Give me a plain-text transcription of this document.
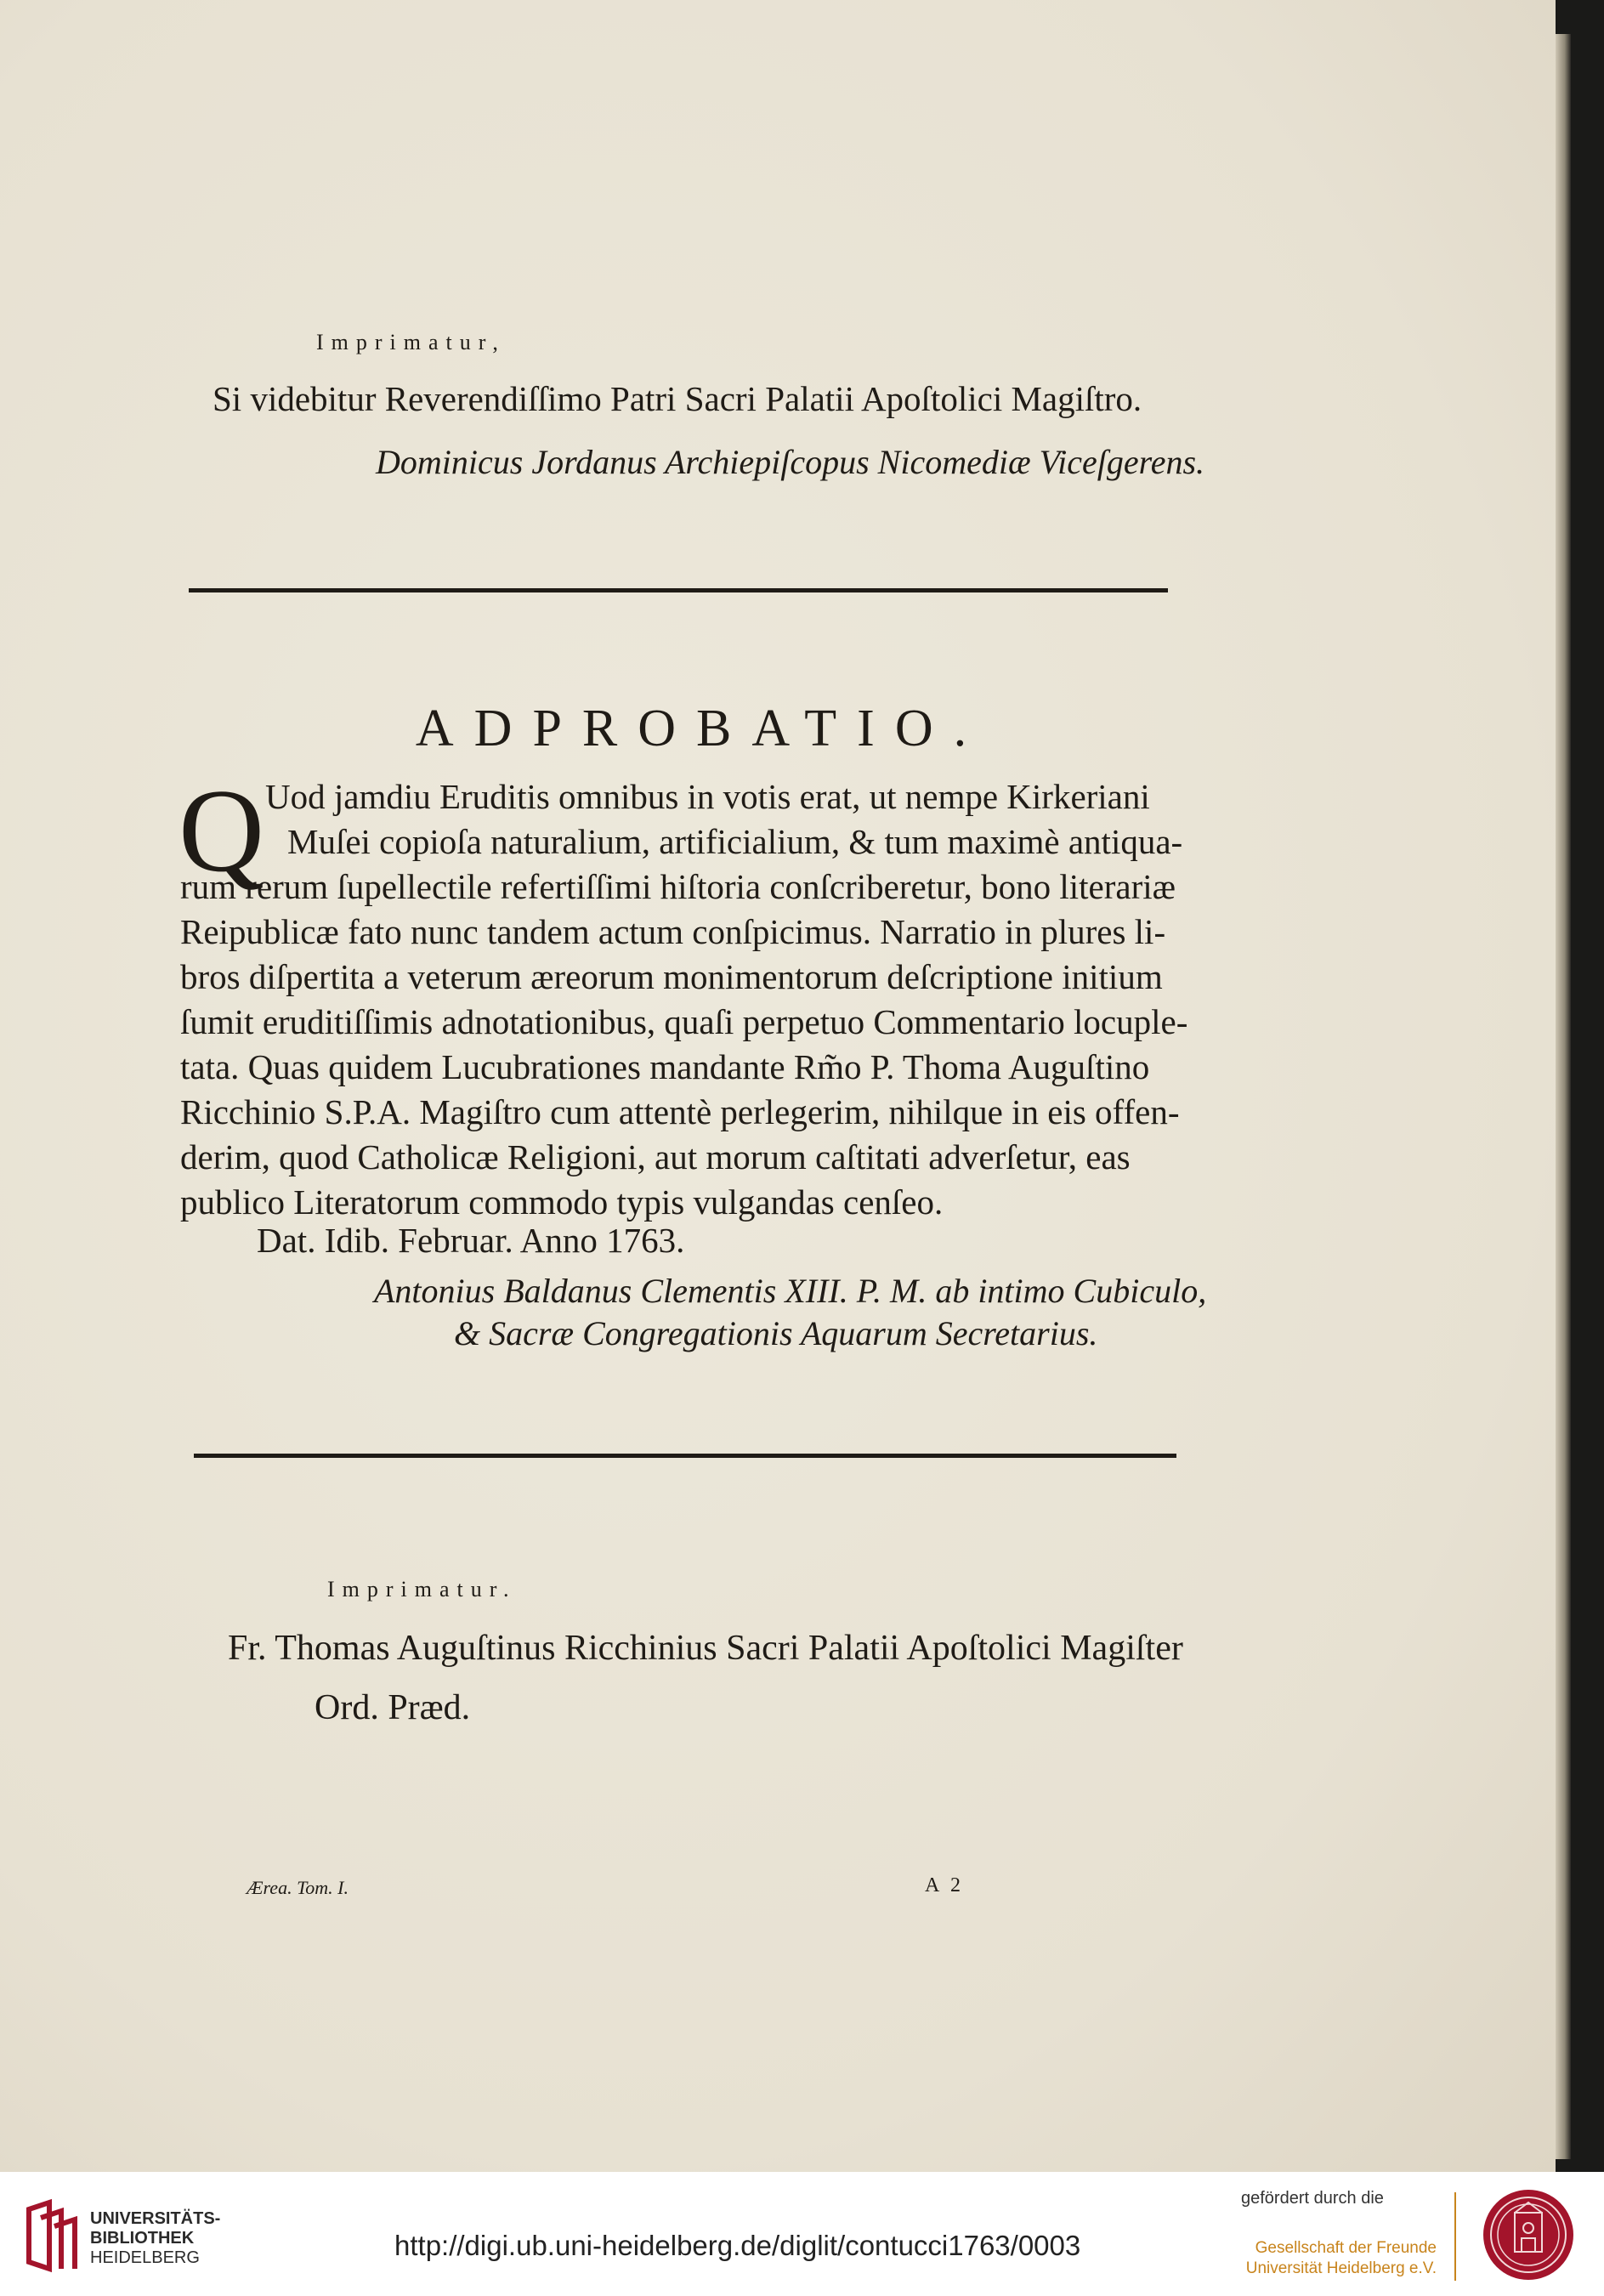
Imprimatur,
Si videbitur Reverendiſſimo Patri Sacri Palatii Apoſtolici Magiſtro.
Dominicus Jordanus Archiepiſcopus Nicomediæ Viceſgerens.
ADPROBATIO.
Q Uod jamdiu Eruditis omnibus in votis erat, ut nempe Kirkeriani
Muſei copioſa naturalium, artificialium, & tum maximè antiqua-
rum rerum ſupellectile refertiſſimi hiſtoria conſcriberetur, bono literariæ
Reipublicæ fato nunc tandem actum conſpicimus. Narratio in plures li-
bros diſpertita a veterum æreorum monimentorum deſcriptione initium
ſumit eruditiſſimis adnotationibus, quaſi perpetuo Commentario locuple-
tata. Quas quidem Lucubrationes mandante Rm̃o P. Thoma Auguſtino
Ricchinio S.P.A. Magiſtro cum attentè perlegerim, nihilque in eis offen-
derim, quod Catholicæ Religioni, aut morum caſtitati adverſetur, eas
publico Literatorum commodo typis vulgandas cenſeo.
Dat. Idib. Februar. Anno 1763.
Antonius Baldanus Clementis XIII. P. M. ab intimo Cubiculo,
& Sacræ Congregationis Aquarum Secretarius.
Imprimatur.
Fr. Thomas Auguſtinus Ricchinius Sacri Palatii Apoſtolici Magiſter
Ord. Præd.
Ærea. Tom. I.	A 2
UNIVERSITÄTS-
BIBLIOTHEK
HEIDELBERG	http://digi.ub.uni-heidelberg.de/diglit/contucci1763/0003
gefördert durch die
Gesellschaft der Freunde
Universität Heidelberg e.V.
